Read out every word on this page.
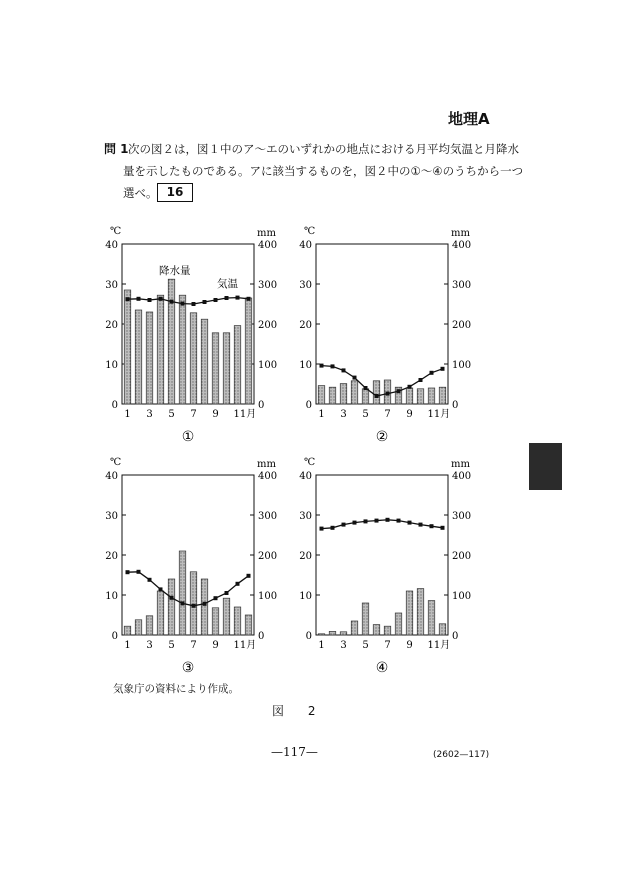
地理A
問 1 次の図２は，図１中のア～エのいずれかの地点における月平均気温と月降水
量を示したものである。アに該当するものを，図２中の①～④のうちから一つ
選べ。 16
℃	mm
0	0
10	100
20	200
30	300
40	400
1 3 5 7 9 11月
①
降水量
気温
℃	mm
0	0
10	100
20	200
30	300
40	400
1 3 5 7 9 11月
②
℃	mm
0	0
10	100
20	200
30	300
40	400
1 3 5 7 9 11月
③
℃	mm
0	0
10	100
20	200
30	300
40	400
1 3 5 7 9 11月
④
気象庁の資料により作成。
図 2
—117—	(2602—117)
